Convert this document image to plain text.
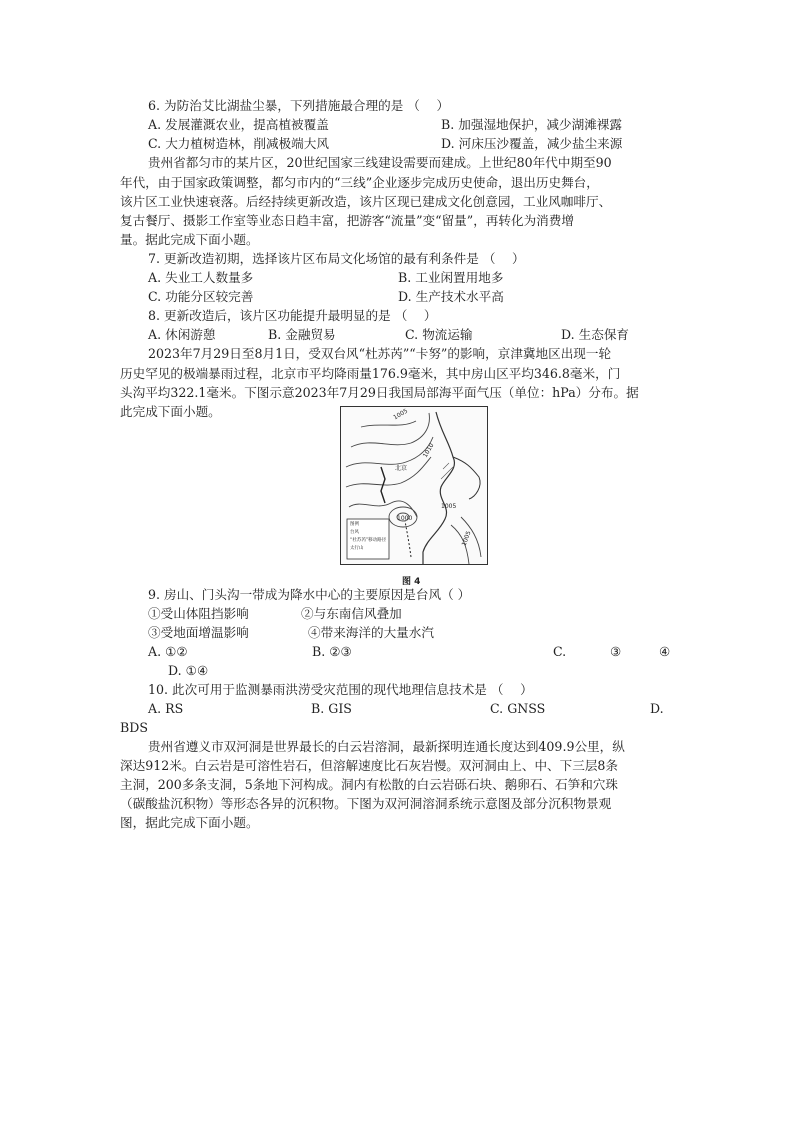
6. 为防治艾比湖盐尘暴，下列措施最合理的是 （　 ）
A. 发展灌溉农业，提高植被覆盖	B. 加强湿地保护，减少湖滩裸露
C. 大力植树造林，削减极端大风	D. 河床压沙覆盖，减少盐尘来源
贵州省都匀市的某片区，20世纪国家三线建设需要而建成。上世纪80年代中期至90
年代，由于国家政策调整，都匀市内的“三线”企业逐步完成历史使命，退出历史舞台，
该片区工业快速衰落。后经持续更新改造，该片区现已建成文化创意园，工业风咖啡厅、
复古餐厅、摄影工作室等业态日趋丰富，把游客“流量”变“留量”，再转化为消费增
量。据此完成下面小题。
7. 更新改造初期，选择该片区布局文化场馆的最有利条件是 （　 ）
A. 失业工人数量多	B. 工业闲置用地多
C. 功能分区较完善	D. 生产技术水平高
8. 更新改造后，该片区功能提升最明显的是 （　 ）
A. 休闲游憩	B. 金融贸易	C. 物流运输	D. 生态保育
2023年7月29日至8月1日，受双台风“杜苏芮”“卡努”的影响，京津冀地区出现一轮
历史罕见的极端暴雨过程，北京市平均降雨量176.9毫米，其中房山区平均346.8毫米，门
头沟平均322.1毫米。下图示意2023年7月29日我国局部海平面气压（单位：hPa）分布。据
此完成下面小题。	1005
1010
1005
1000
1005
北京
图例
台风
“杜苏芮”移动路径
太行山
图 4
9. 房山、门头沟一带成为降水中心的主要原因是台风（ ）
①受山体阻挡影响	②与东南信风叠加
③受地面增温影响	④带来海洋的大量水汽
A. ①②	B. ②③	C.	③	④
D. ①④
10. 此次可用于监测暴雨洪涝受灾范围的现代地理信息技术是 （　 ）
A. RS	B. GIS	C. GNSS	D.
BDS
贵州省遵义市双河洞是世界最长的白云岩溶洞，最新探明连通长度达到409.9公里，纵
深达912米。白云岩是可溶性岩石，但溶解速度比石灰岩慢。双河洞由上、中、下三层8条
主洞，200多条支洞，5条地下河构成。洞内有松散的白云岩砾石块、鹅卵石、石笋和穴珠
（碳酸盐沉积物）等形态各异的沉积物。下图为双河洞溶洞系统示意图及部分沉积物景观
图，据此完成下面小题。
